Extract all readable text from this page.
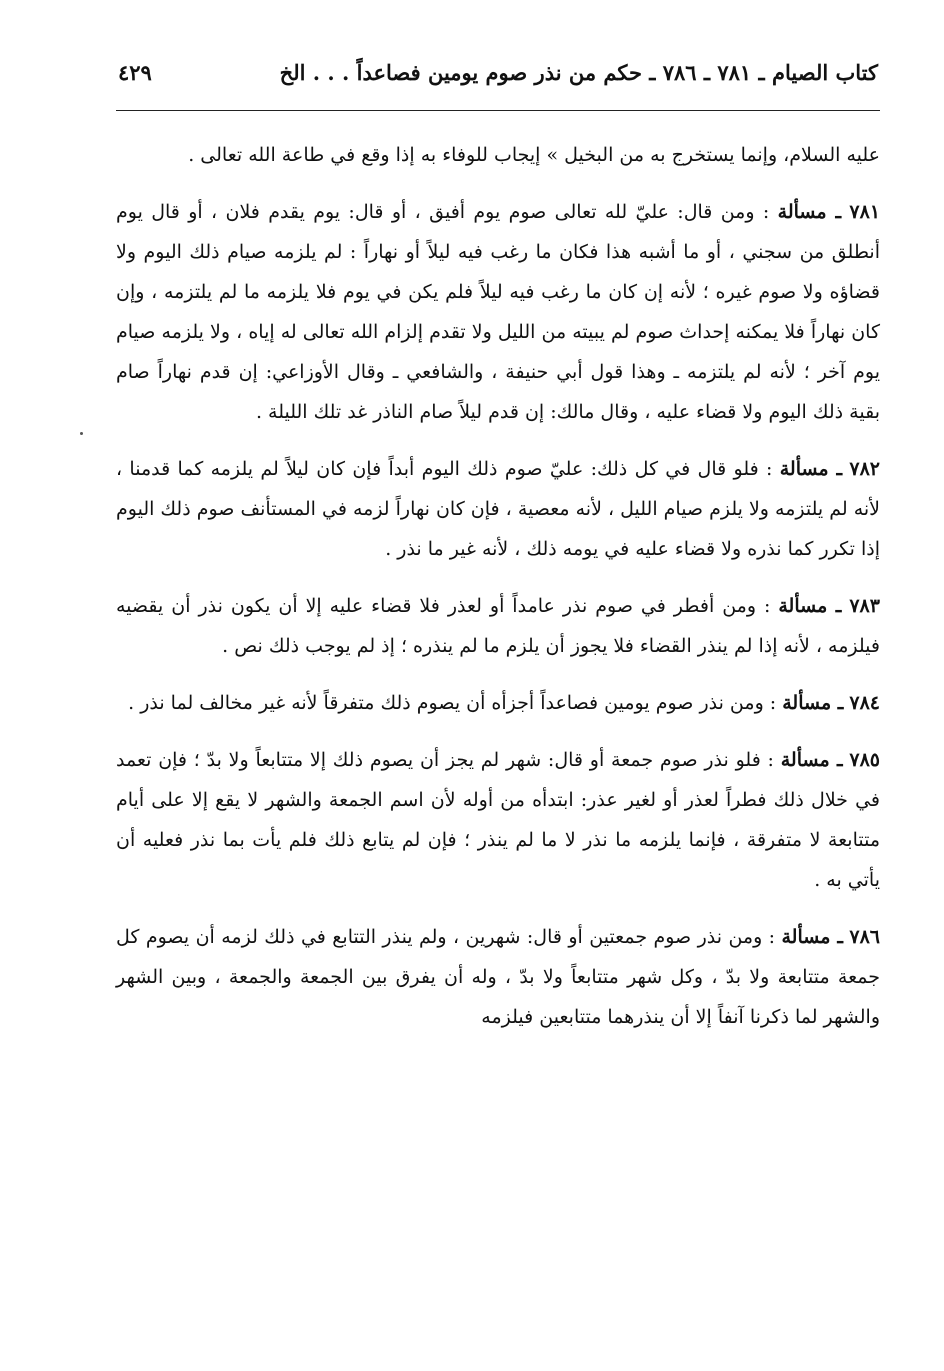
كتاب الصيام ـ ٧٨١ ـ ٧٨٦ ـ حكم من نذر صوم يومين فصاعداً . . . الخ
٤٢٩

عليه السلام، وإنما يستخرج به من البخيل » إيجاب للوفاء به إذا وقع في طاعة الله تعالى .

٧٨١ ـ مسألة : ومن قال: عليّ لله تعالى صوم يوم أفيق ، أو قال: يوم يقدم فلان ، أو قال يوم أنطلق من سجني ، أو ما أشبه هذا فكان ما رغب فيه ليلاً أو نهاراً : لم يلزمه صيام ذلك اليوم ولا قضاؤه ولا صوم غيره ؛ لأنه إن كان ما رغب فيه ليلاً فلم يكن في يوم فلا يلزمه ما لم يلتزمه ، وإن كان نهاراً فلا يمكنه إحداث صوم لم يبيته من الليل ولا تقدم إلزام الله تعالى له إياه ، ولا يلزمه صيام يوم آخر ؛ لأنه لم يلتزمه ـ وهذا قول أبي حنيفة ، والشافعي ـ وقال الأوزاعي: إن قدم نهاراً صام بقية ذلك اليوم ولا قضاء عليه ، وقال مالك: إن قدم ليلاً صام الناذر غد تلك الليلة .

٧٨٢ ـ مسألة : فلو قال في كل ذلك: عليّ صوم ذلك اليوم أبداً فإن كان ليلاً لم يلزمه كما قدمنا ، لأنه لم يلتزمه ولا يلزم صيام الليل ، لأنه معصية ، فإن كان نهاراً لزمه في المستأنف صوم ذلك اليوم إذا تكرر كما نذره ولا قضاء عليه في يومه ذلك ، لأنه غير ما نذر .

٧٨٣ ـ مسألة : ومن أفطر في صوم نذر عامداً أو لعذر فلا قضاء عليه إلا أن يكون نذر أن يقضيه فيلزمه ، لأنه إذا لم ينذر القضاء فلا يجوز أن يلزم ما لم ينذره ؛ إذ لم يوجب ذلك نص .

٧٨٤ ـ مسألة : ومن نذر صوم يومين فصاعداً أجزأه أن يصوم ذلك متفرقاً لأنه غير مخالف لما نذر .

٧٨٥ ـ مسألة : فلو نذر صوم جمعة أو قال: شهر لم يجز أن يصوم ذلك إلا متتابعاً ولا بدّ ؛ فإن تعمد في خلال ذلك فطراً لعذر أو لغير عذر: ابتدأه من أوله لأن اسم الجمعة والشهر لا يقع إلا على أيام متتابعة لا متفرقة ، فإنما يلزمه ما نذر لا ما لم ينذر ؛ فإن لم يتابع ذلك فلم يأت بما نذر فعليه أن يأتي به .

٧٨٦ ـ مسألة : ومن نذر صوم جمعتين أو قال: شهرين ، ولم ينذر التتابع في ذلك لزمه أن يصوم كل جمعة متتابعة ولا بدّ ، وكل شهر متتابعاً ولا بدّ ، وله أن يفرق بين الجمعة والجمعة ، وبين الشهر والشهر لما ذكرنا آنفاً إلا أن ينذرهما متتابعين فيلزمه
